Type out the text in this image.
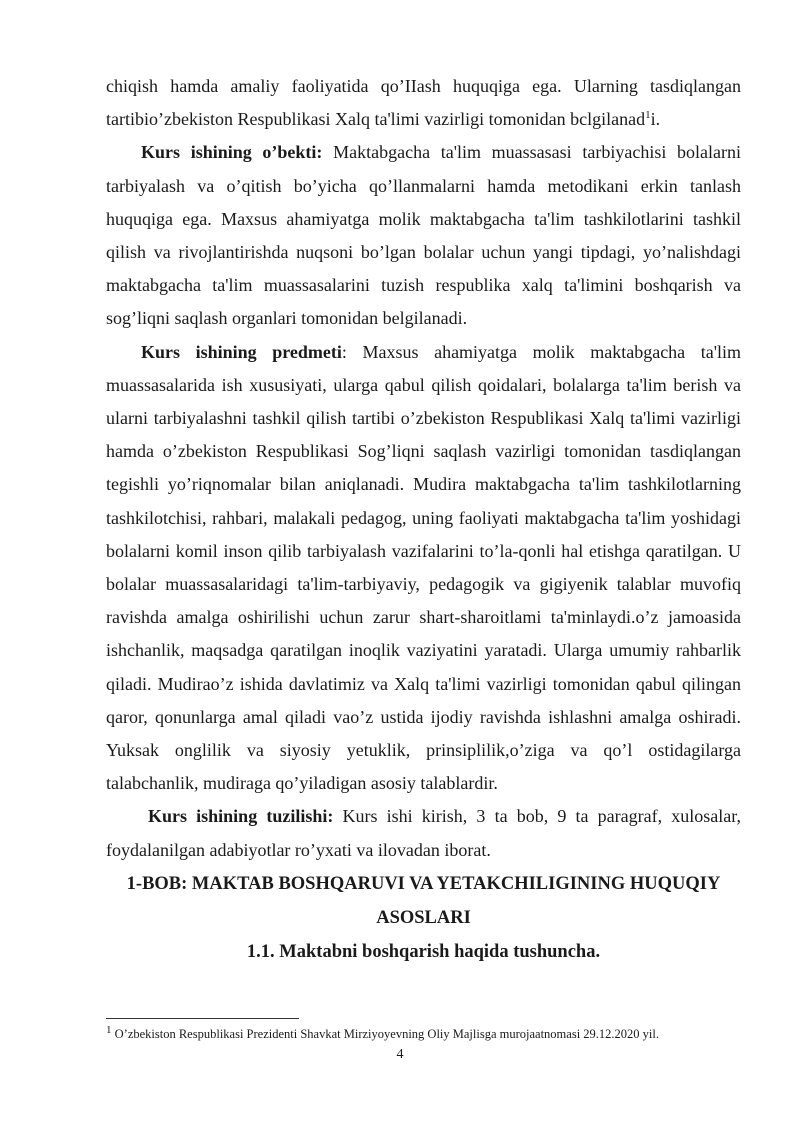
chiqish hamda amaliy faoliyatida qo’IIash huquqiga ega. Ularning tasdiqlangan tartibio’zbekiston Respublikasi Xalq ta'limi vazirligi tomonidan bclgilanad$^1$i.

Kurs ishining o’bekti: Maktabgacha ta'lim muassasasi tarbiyachisi bolalarni tarbiyalash va o’qitish bo’yicha qo’llanmalarni hamda metodikani erkin tanlash huquqiga ega. Maxsus ahamiyatga molik maktabgacha ta'lim tashkilotlarini tashkil qilish va rivojlantirishda nuqsoni bo’lgan bolalar uchun yangi tipdagi, yo’nalishdagi maktabgacha ta'lim muassasalarini tuzish respublika xalq ta'limini boshqarish va sog’liqni saqlash organlari tomonidan belgilanadi.

Kurs ishining predmeti: Maxsus ahamiyatga molik maktabgacha ta'lim muassasalarida ish xususiyati, ularga qabul qilish qoidalari, bolalarga ta'lim berish va ularni tarbiyalashni tashkil qilish tartibi o’zbekiston Respublikasi Xalq ta'limi vazirligi hamda o’zbekiston Respublikasi Sog’liqni saqlash vazirligi tomonidan tasdiqlangan tegishli yo’riqnomalar bilan aniqlanadi. Mudira maktabgacha ta'lim tashkilotlarning tashkilotchisi, rahbari, malakali pedagog, uning faoliyati maktabgacha ta'lim yoshidagi bolalarni komil inson qilib tarbiyalash vazifalarini to’la-qonli hal etishga qaratilgan. U bolalar muassasalaridagi ta'lim-tarbiyaviy, pedagogik va gigiyenik talablar muvofiq ravishda amalga oshirilishi uchun zarur shart-sharoitlami ta'minlaydi.o’z jamoasida ishchanlik, maqsadga qaratilgan inoqlik vaziyatini yaratadi. Ularga umumiy rahbarlik qiladi. Mudirao’z ishida davlatimiz va Xalq ta'limi vazirligi tomonidan qabul qilingan qaror, qonunlarga amal qiladi vao’z ustida ijodiy ravishda ishlashni amalga oshiradi. Yuksak onglilik va siyosiy yetuklik, prinsiplilik,o’ziga va qo’l ostidagilarga talabchanlik, mudiraga qo’yiladigan asosiy talablardir.

Kurs ishining tuzilishi: Kurs ishi kirish, 3 ta bob, 9 ta paragraf, xulosalar, foydalanilgan adabiyotlar ro’yxati va ilovadan iborat.

1-BOB: MAKTAB BOSHQARUVI VA YETAKCHILIGINING HUQUQIY ASOSLARI

1.1. Maktabni boshqarish haqida tushuncha.

$^1$ O’zbekiston Respublikasi Prezidenti Shavkat Mirziyoyevning Oliy Majlisga murojaatnomasi 29.12.2020 yil.
4
